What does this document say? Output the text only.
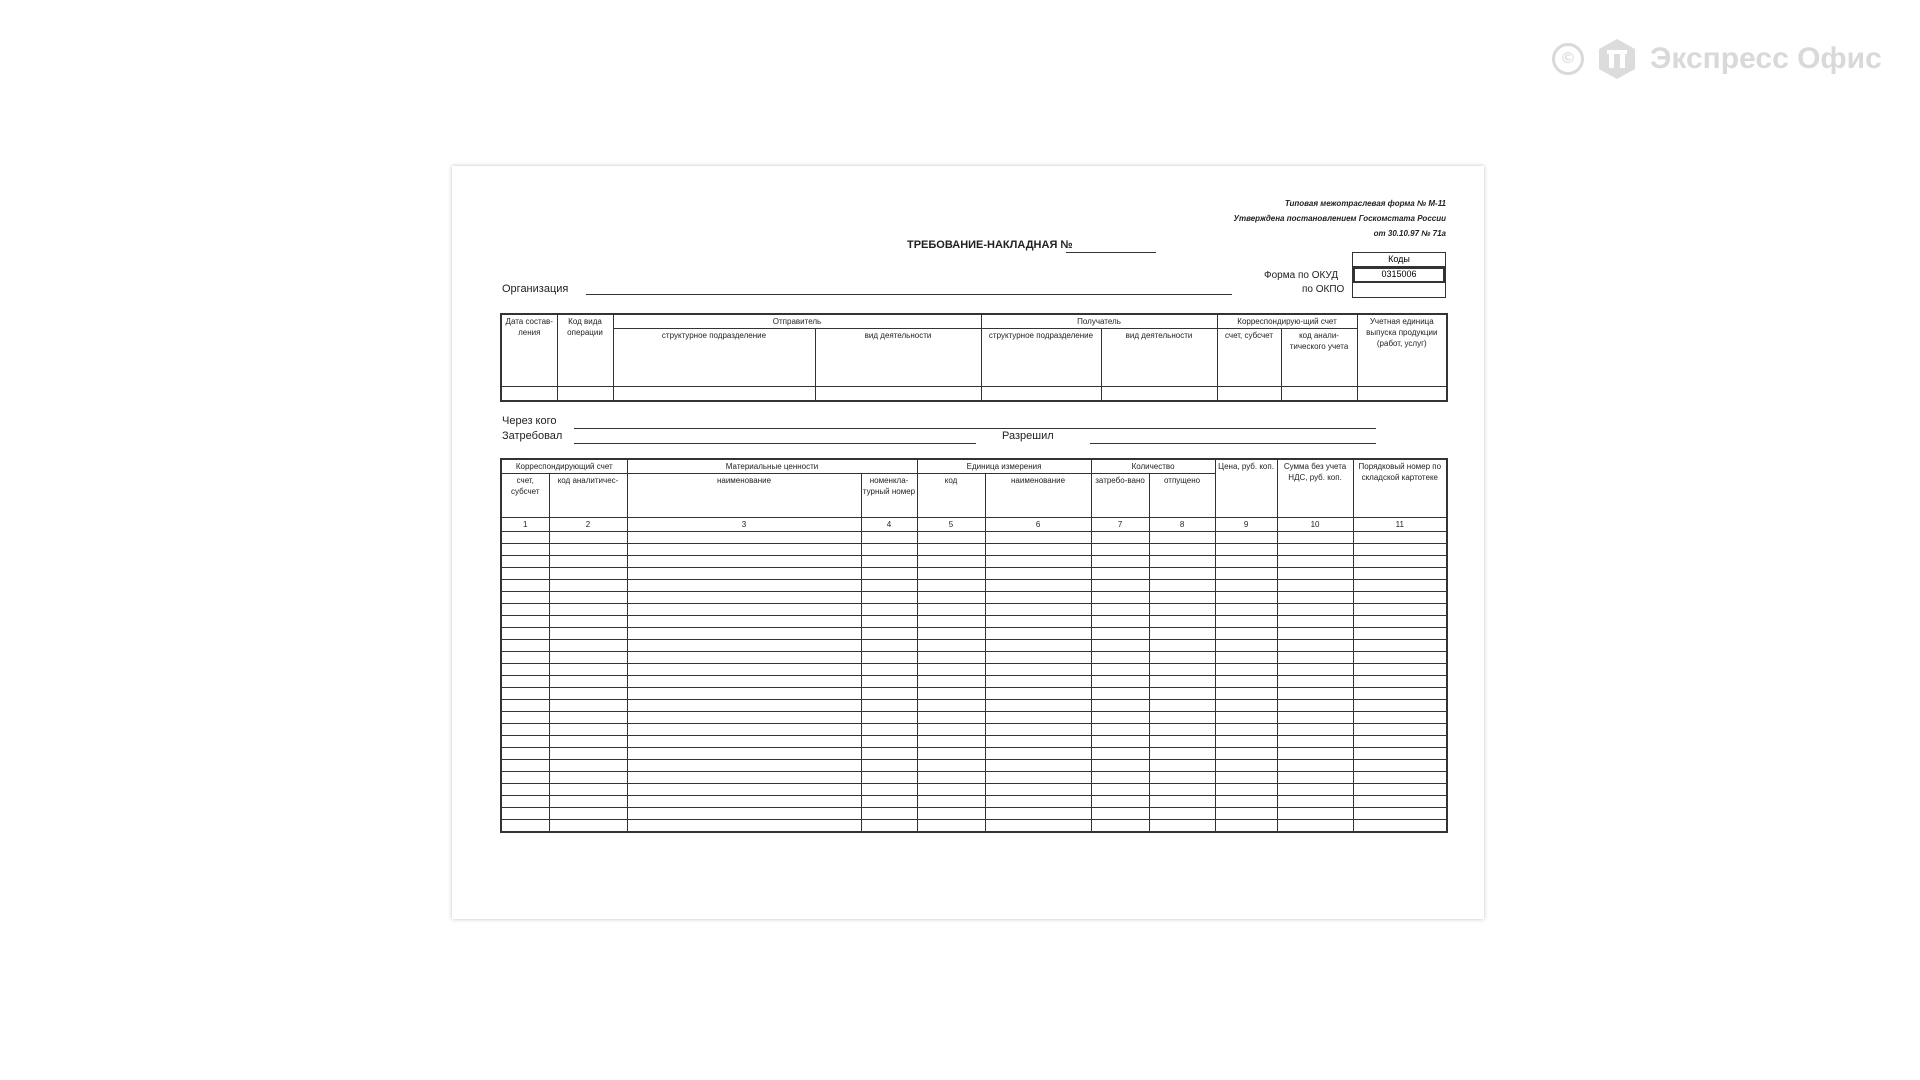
©	Экспресс Офис
Типовая межотраслевая форма № М-11
Утверждена постановлением Госкомстата России
от 30.10.97 № 71а
ТРЕБОВАНИЕ-НАКЛАДНАЯ №
Организация
Коды
0315006
Форма по ОКУД
по ОКПО
Дата состав-ления	Код вида операции	Отправитель		Получатель		Корреспондирую-щий счет		Учетная единица выпуска продукции (работ, услуг)
		структурное подразделение	вид деятельности	структурное подразделение	вид деятельности	счет, субсчет	код анали-тического учета	

Через кого
Затребовал	Разрешил
Корреспондирующий счет		Материальные ценности		Единица измерения		Количество		Цена, руб. коп.	Сумма без учета НДС, руб. коп.	Порядковый номер по складской картотеке
счет, субсчет	код аналитичес-	наименование	номенкла-турный номер	код	наименование	затребо-вано	отпущено			
1	2	3	4	5	6	7	8	9	10	11
